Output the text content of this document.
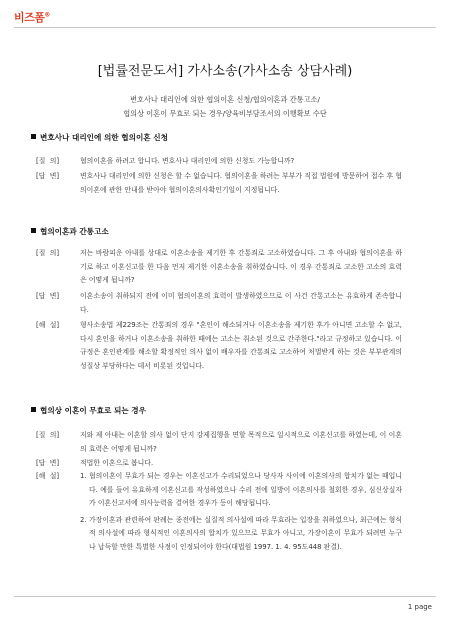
비즈폼®
[법률전문도서] 가사소송(가사소송 상담사례)
변호사나 대리인에 의한 협의이혼 신청/협의이혼과 간통고소/
협의상 이혼이 무효로 되는 경우/양육비부담조서의 이행확보 수단
변호사나 대리인에 의한 협의이혼 신청
[질  의]	협의이혼을 하려고 합니다. 변호사나 대리인에 의한 신청도 가능합니까?
[답  변]	변호사나 대리인에 의한 신청은 할 수 없습니다. 협의이혼을 하려는 부부가 직접 법원에 방문하여 접수 후 협의이혼에 관한 안내를 받아야 협의이혼의사확인기일이 지정됩니다.
협의이혼과 간통고소
[질  의]	저는 바람피운 아내를 상대로 이혼소송을 제기한 후 간통죄로 고소하였습니다. 그 후 아내와 협의이혼을 하기로 하고 이혼신고를 한 다음 먼저 제기한 이혼소송을 취하였습니다. 이 경우 간통죄로 고소한 고소의 효력은 어떻게 됩니까?
[답  변]	이혼소송이 취하되지 전에 이미 협의이혼의 효력이 발생하였으므로 이 사건 간통고소는 유효하게 존속합니다.
[해  설]	형사소송법 제229조는 간통죄의 경우 "혼인이 해소되거나 이혼소송을 제기한 후가 아니면 고소할 수 없고, 다시 혼인을 하거나 이혼소송을 취하한 때에는 고소는 취소된 것으로 간주한다."라고 규정하고 있습니다. 이 규정은 혼인관계를 해소할 확정적인 의사 없이 배우자를 간통죄로 고소하여 처벌받게 하는 것은 부부관계의 성질상 부당하다는 데서 비롯된 것입니다.
협의상 이혼이 무효로 되는 경우
[질  의]	저와 제 아내는 이혼할 의사 없이 단지 강제집행을 면할 목적으로 일시적으로 이혼신고를 하였는데, 이 이혼의 효력은 어떻게 됩니까?
[답  변]	적법한 이혼으로 봅니다.
[해  설]	1. 협의이혼이 무효가 되는 경우는 이혼신고가 수리되었으나 당사자 사이에 이혼의사의 합치가 없는 때입니다. 예를 들어 유효하게 이혼신고를 작성하였으나 수리 전에 일방이 이혼의사를 철회한 경우, 심신상실자가 이혼신고서에 의사능력을 결여한 경우가 등이 해당됩니다.
2. 가장이혼과 관련하여 판례는 종전에는 실질적 의사설에 따라 무효라는 입장을 취하였으나, 최근에는 형식적 의사설에 따라 형식적인 이혼의사의 합치가 있으므로 무효가 아니고, 가장이혼이 무효가 되려면 누구나 납득할 만한 특별한 사정이 인정되어야 한다(대법원 1997. 1. 4. 95도448 판결).
1 page
